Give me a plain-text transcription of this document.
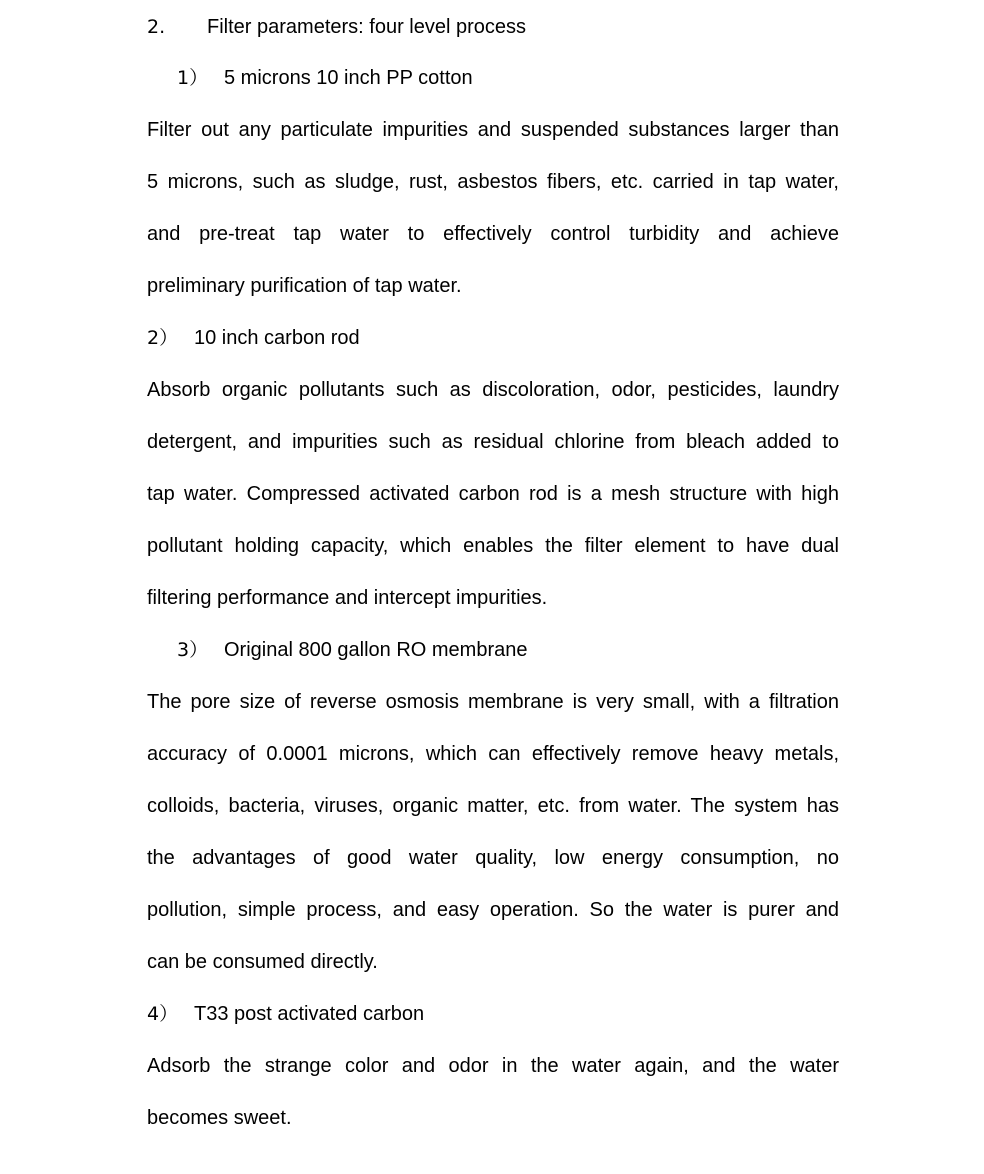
2. Filter parameters: four level process
1） 5 microns 10 inch PP cotton
Filter out any particulate impurities and suspended substances larger than
5 microns, such as sludge, rust, asbestos fibers, etc. carried in tap water,
and pre-treat tap water to effectively control turbidity and achieve
preliminary purification of tap water.
2） 10 inch carbon rod
Absorb organic pollutants such as discoloration, odor, pesticides, laundry
detergent, and impurities such as residual chlorine from bleach added to
tap water. Compressed activated carbon rod is a mesh structure with high
pollutant holding capacity, which enables the filter element to have dual
filtering performance and intercept impurities.
3） Original 800 gallon RO membrane
The pore size of reverse osmosis membrane is very small, with a filtration
accuracy of 0.0001 microns, which can effectively remove heavy metals,
colloids, bacteria, viruses, organic matter, etc. from water. The system has
the advantages of good water quality, low energy consumption, no
pollution, simple process, and easy operation. So the water is purer and
can be consumed directly.
4） T33 post activated carbon
Adsorb the strange color and odor in the water again, and the water
becomes sweet.
